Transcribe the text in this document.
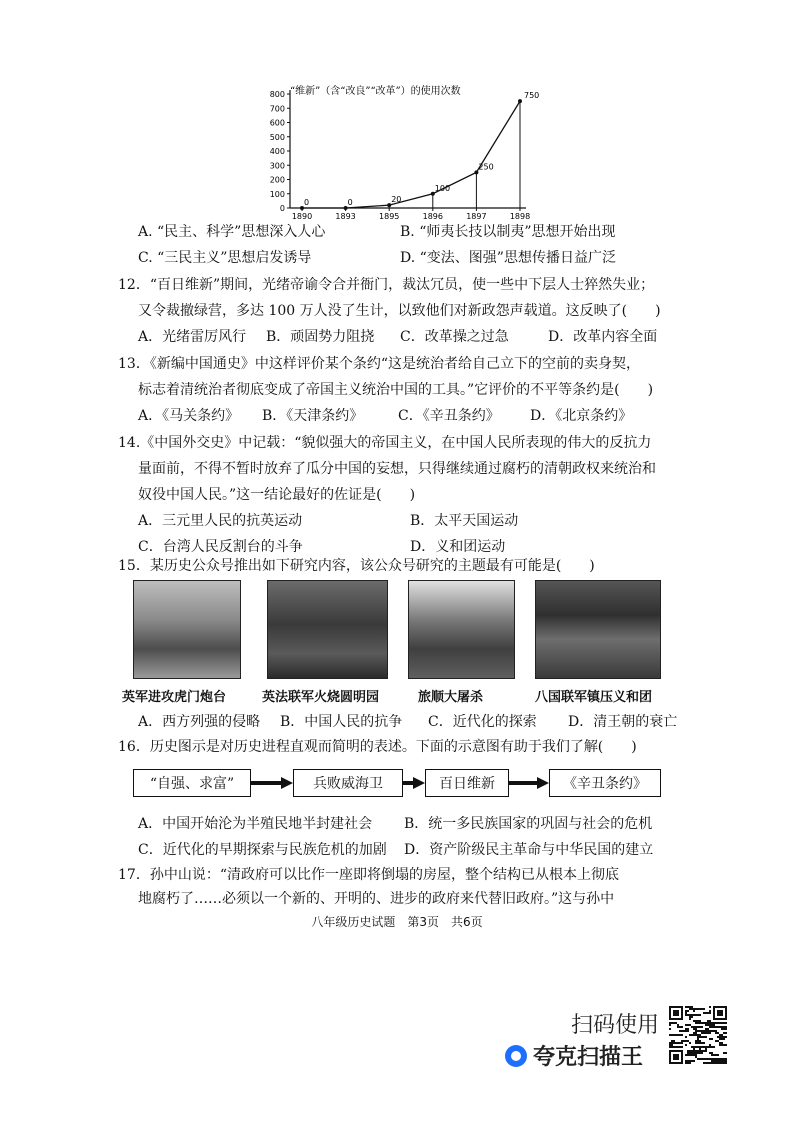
“维新”（含“改良”“改革”）的使用次数
0
100
200
300
400
500
600
700
800
1890	1893	1895	1896	1897	1898
0	0	20
100
250
750
A. “民主、科学”思想深入人心	B. “师夷长技以制夷”思想开始出现
C. “三民主义”思想启发诱导	D. “变法、图强”思想传播日益广泛
12．“百日维新”期间，光绪帝谕令合并衙门，裁汰冗员，使一些中下层人士猝然失业；
又令裁撤绿营，多达 100 万人没了生计，以致他们对新政怨声载道。这反映了(　　)
A．光绪雷厉风行 B．顽固势力阻挠 C．改革操之过急	D．改革内容全面
13．《新编中国通史》中这样评价某个条约“这是统治者给自己立下的空前的卖身契，
标志着清统治者彻底变成了帝国主义统治中国的工具。”它评价的不平等条约是(　　)
A．《马关条约》 B．《天津条约》 C．《辛丑条约》 D．《北京条约》
14.《中国外交史》中记载：“貌似强大的帝国主义，在中国人民所表现的伟大的反抗力
量面前，不得不暂时放弃了瓜分中国的妄想，只得继续通过腐朽的清朝政权来统治和
奴役中国人民。”这一结论最好的佐证是(　　)
A．三元里人民的抗英运动	B．太平天国运动
C．台湾人民反割台的斗争	D．义和团运动
15．某历史公众号推出如下研究内容，该公众号研究的主题最有可能是(　　)
英军进攻虎门炮台	英法联军火烧圆明园	旅顺大屠杀	八国联军镇压义和团
A．西方列强的侵略 B．中国人民的抗争 C．近代化的探索 D．清王朝的衰亡
16．历史图示是对历史进程直观而简明的表述。下面的示意图有助于我们了解(　　)
“自强、求富”	兵败威海卫	百日维新	《辛丑条约》
A．中国开始沦为半殖民地半封建社会 B．统一多民族国家的巩固与社会的危机
C．近代化的早期探索与民族危机的加剧 D．资产阶级民主革命与中华民国的建立
17．孙中山说：“清政府可以比作一座即将倒塌的房屋，整个结构已从根本上彻底
地腐朽了……必须以一个新的、开明的、进步的政府来代替旧政府。”这与孙中
八年级历史试题　第3页　共6页
扫码使用
夸克扫描王
